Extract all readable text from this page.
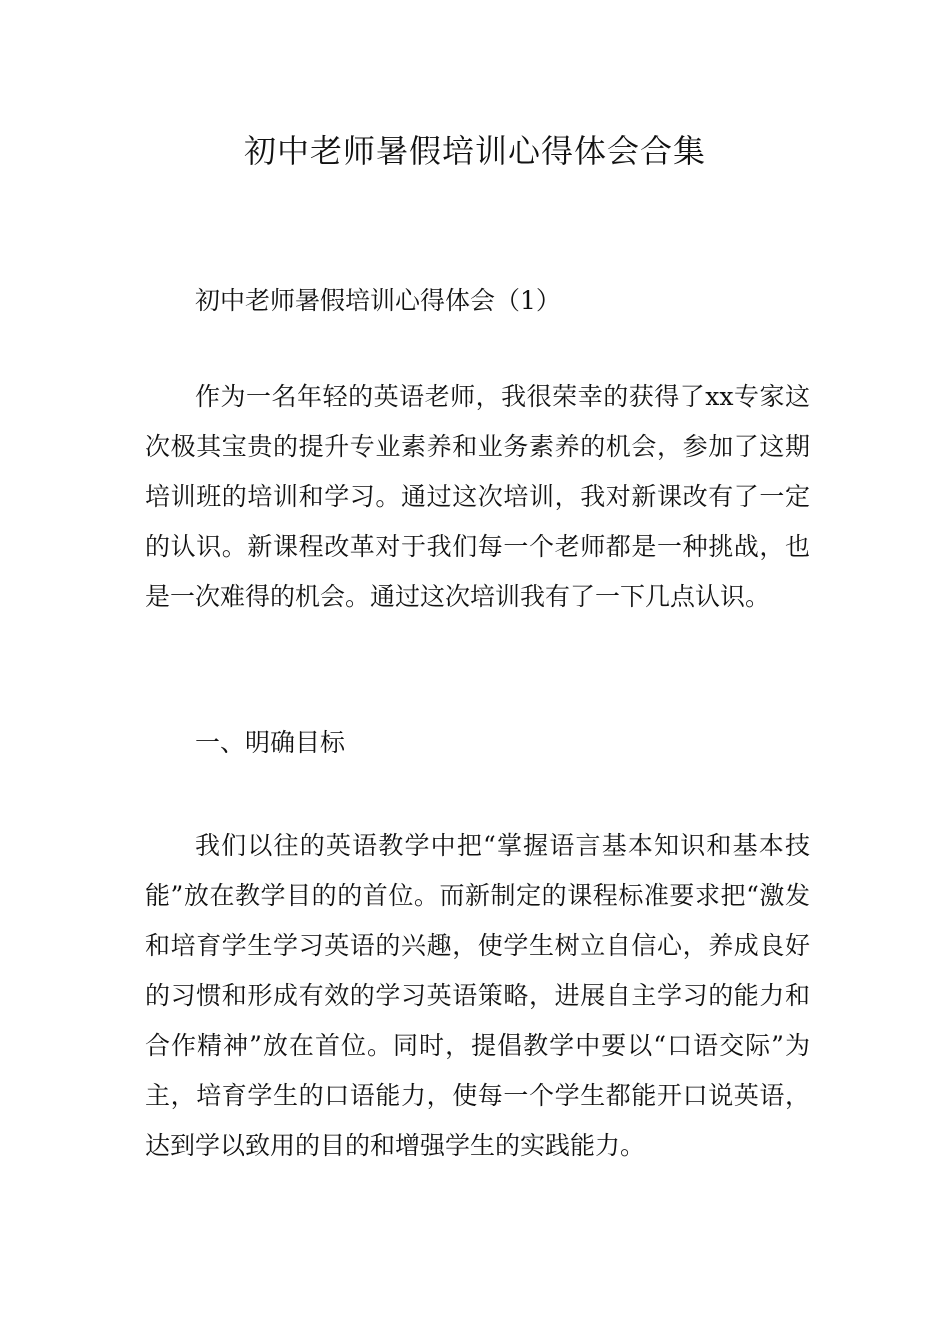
初中老师暑假培训心得体会合集

初中老师暑假培训心得体会（1）

作为一名年轻的英语老师，我很荣幸的获得了xx专家这次极其宝贵的提升专业素养和业务素养的机会，参加了这期培训班的培训和学习。通过这次培训，我对新课改有了一定的认识。新课程改革对于我们每一个老师都是一种挑战，也是一次难得的机会。通过这次培训我有了一下几点认识。

一、明确目标

我们以往的英语教学中把“掌握语言基本知识和基本技能”放在教学目的的首位。而新制定的课程标准要求把“激发和培育学生学习英语的兴趣，使学生树立自信心，养成良好的习惯和形成有效的学习英语策略，进展自主学习的能力和合作精神”放在首位。同时，提倡教学中要以“口语交际”为主，培育学生的口语能力，使每一个学生都能开口说英语，达到学以致用的目的和增强学生的实践能力。
